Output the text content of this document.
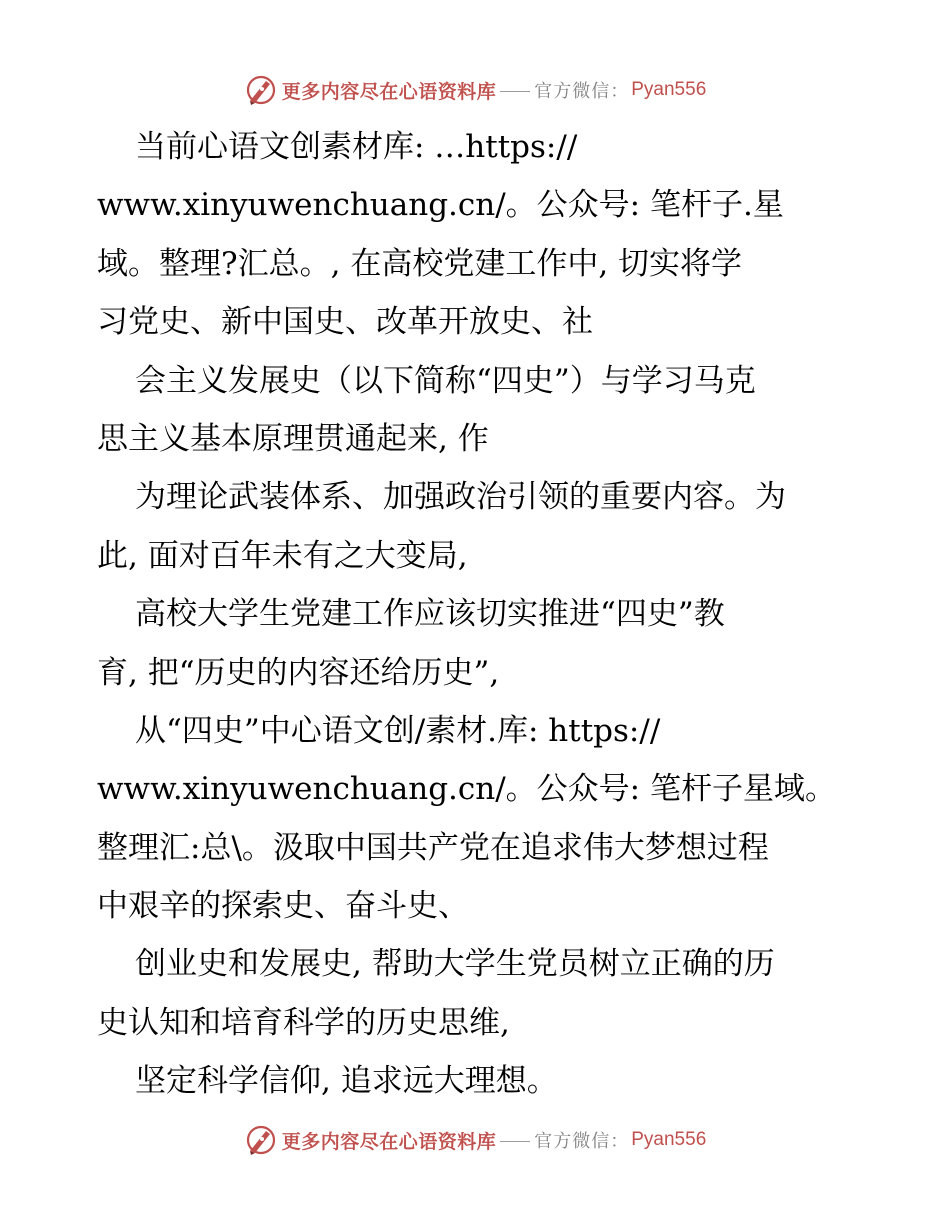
更多内容尽在心语资料库 官方微信： Pyan556
当前心语文创素材库: …https://
www.xinyuwenchuang.cn/。公众号: 笔杆子.星
域。整理?汇总。, 在高校党建工作中, 切实将学
习党史、新中国史、改革开放史、社
会主义发展史（以下简称“四史”）与学习马克
思主义基本原理贯通起来, 作
为理论武装体系、加强政治引领的重要内容。为
此, 面对百年未有之大变局,
高校大学生党建工作应该切实推进“四史”教
育, 把“历史的内容还给历史”,
从“四史”中心语文创/素材.库: https://
www.xinyuwenchuang.cn/。公众号: 笔杆子星域。
整理汇:总\。汲取中国共产党在追求伟大梦想过程
中艰辛的探索史、奋斗史、
创业史和发展史, 帮助大学生党员树立正确的历
史认知和培育科学的历史思维,
坚定科学信仰, 追求远大理想。
更多内容尽在心语资料库 官方微信： Pyan556
